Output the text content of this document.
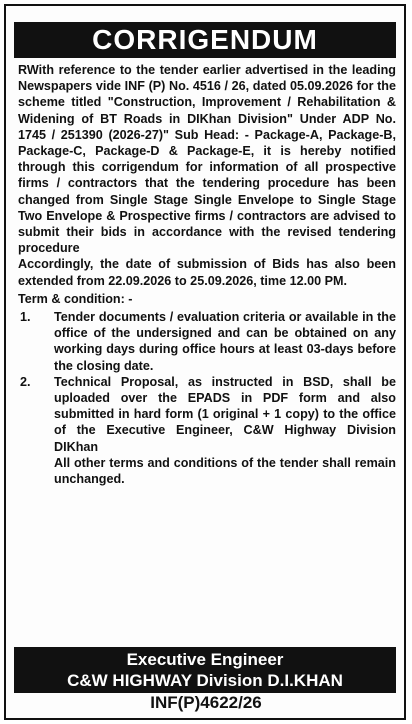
CORRIGENDUM

RWith reference to the tender earlier advertised in the leading Newspapers vide INF (P) No. 4516 / 26, dated 05.09.2026 for the scheme titled "Construction, Improvement / Rehabilitation & Widening of BT Roads in DIKhan Division" Under ADP No. 1745 / 251390 (2026-27)" Sub Head: - Package-A, Package-B, Package-C, Package-D & Package-E, it is hereby notified through this corrigendum for information of all prospective firms / contractors that the tendering procedure has been changed from Single Stage Single Envelope to Single Stage Two Envelope & Prospective firms / contractors are advised to submit their bids in accordance with the revised tendering procedure

Accordingly, the date of submission of Bids has also been extended from 22.09.2026 to 25.09.2026, time 12.00 PM.

Term & condition: -
1.	Tender documents / evaluation criteria or available in the office of the undersigned and can be obtained on any working days during office hours at least 03-days before the closing date.
2.	Technical Proposal, as instructed in BSD, shall be uploaded over the EPADS in PDF form and also submitted in hard form (1 original + 1 copy) to the office of the Executive Engineer, C&W Highway Division DIKhan
All other terms and conditions of the tender shall remain unchanged.
Executive Engineer
C&W HIGHWAY Division D.I.KHAN
INF(P)4622/26
